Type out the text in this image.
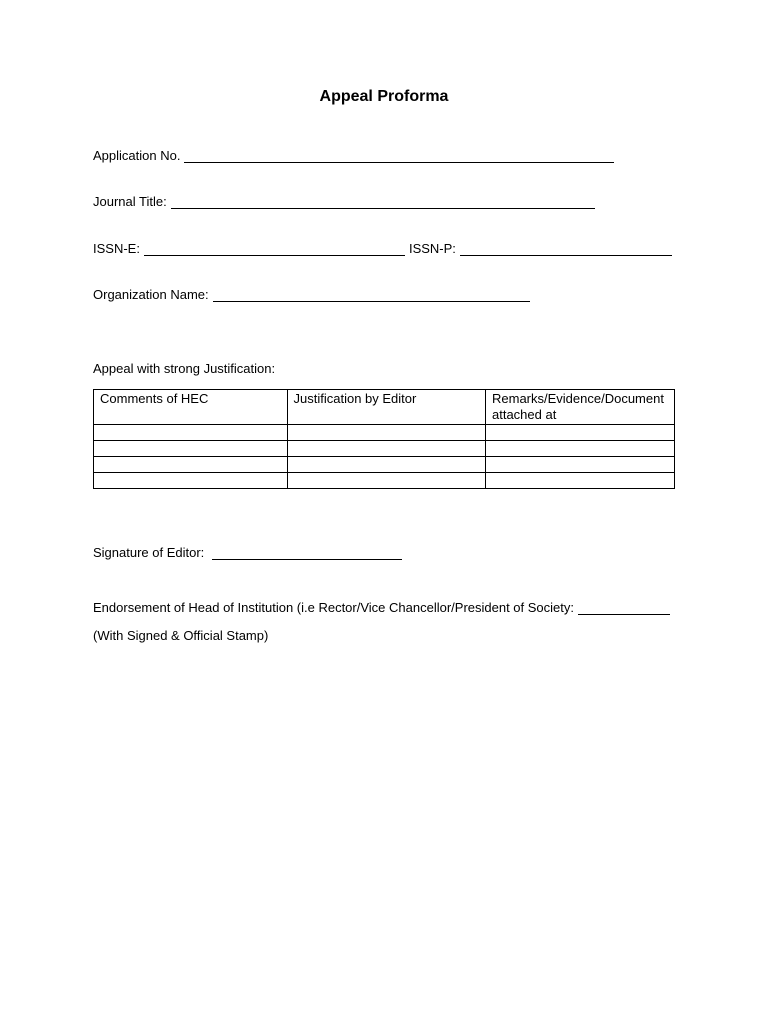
Appeal Proforma
Application No.
Journal Title:
ISSN-E:	ISSN-P:
Organization Name:
Appeal with strong Justification:
Comments of HEC	Justification by Editor	Remarks/Evidence/Document attached at

Signature of Editor:
Endorsement of Head of Institution (i.e Rector/Vice Chancellor/President of Society:
(With Signed & Official Stamp)
